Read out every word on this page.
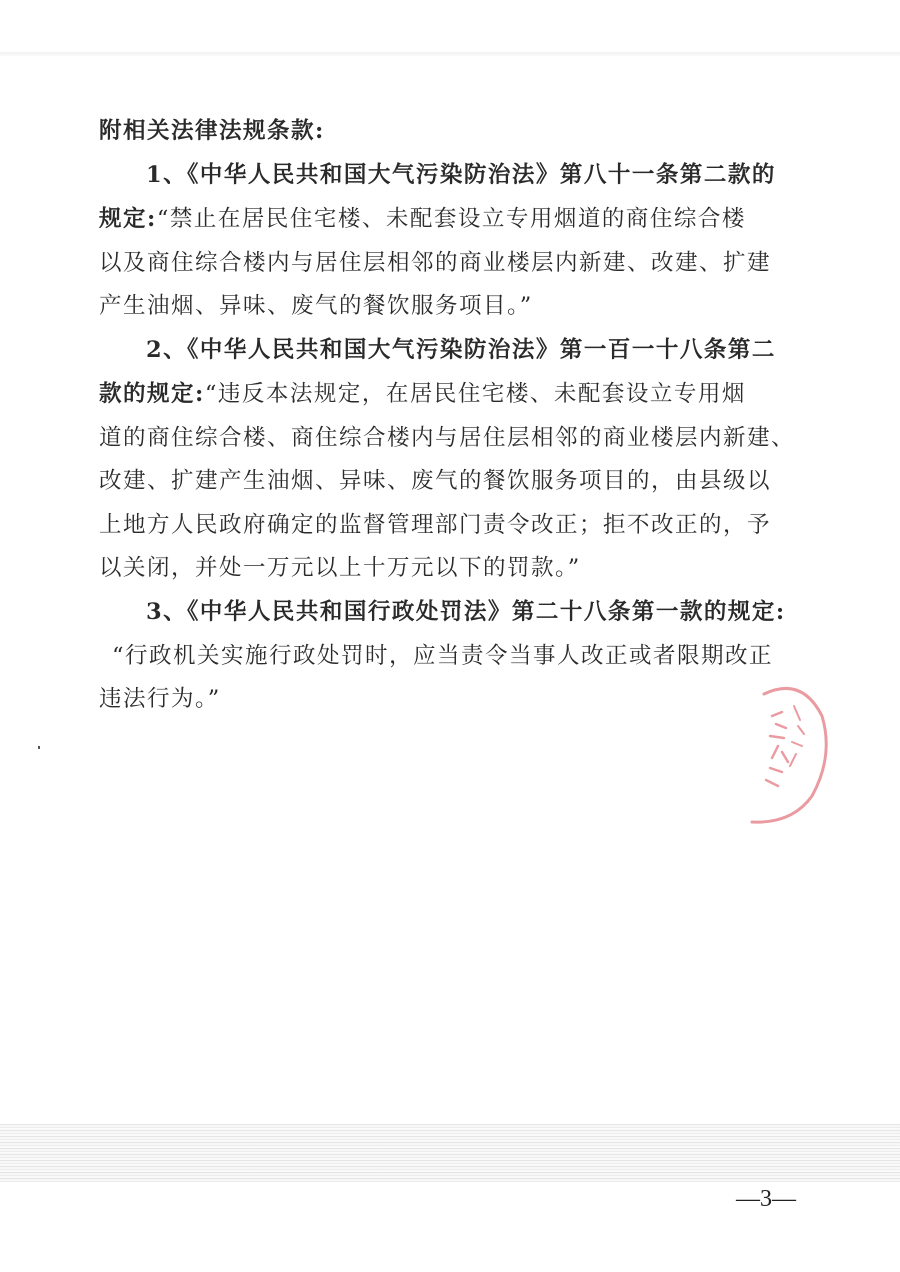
附相关法律法规条款:
1、《中华人民共和国大气污染防治法》第八十一条第二款的
规定:“禁止在居民住宅楼、未配套设立专用烟道的商住综合楼
以及商住综合楼内与居住层相邻的商业楼层内新建、改建、扩建
产生油烟、异味、废气的餐饮服务项目。”
2、《中华人民共和国大气污染防治法》第一百一十八条第二
款的规定:“违反本法规定，在居民住宅楼、未配套设立专用烟
道的商住综合楼、商住综合楼内与居住层相邻的商业楼层内新建、
改建、扩建产生油烟、异味、废气的餐饮服务项目的，由县级以
上地方人民政府确定的监督管理部门责令改正；拒不改正的，予
以关闭，并处一万元以上十万元以下的罚款。”
3、《中华人民共和国行政处罚法》第二十八条第一款的规定:
“行政机关实施行政处罚时，应当责令当事人改正或者限期改正
违法行为。”
—3—
